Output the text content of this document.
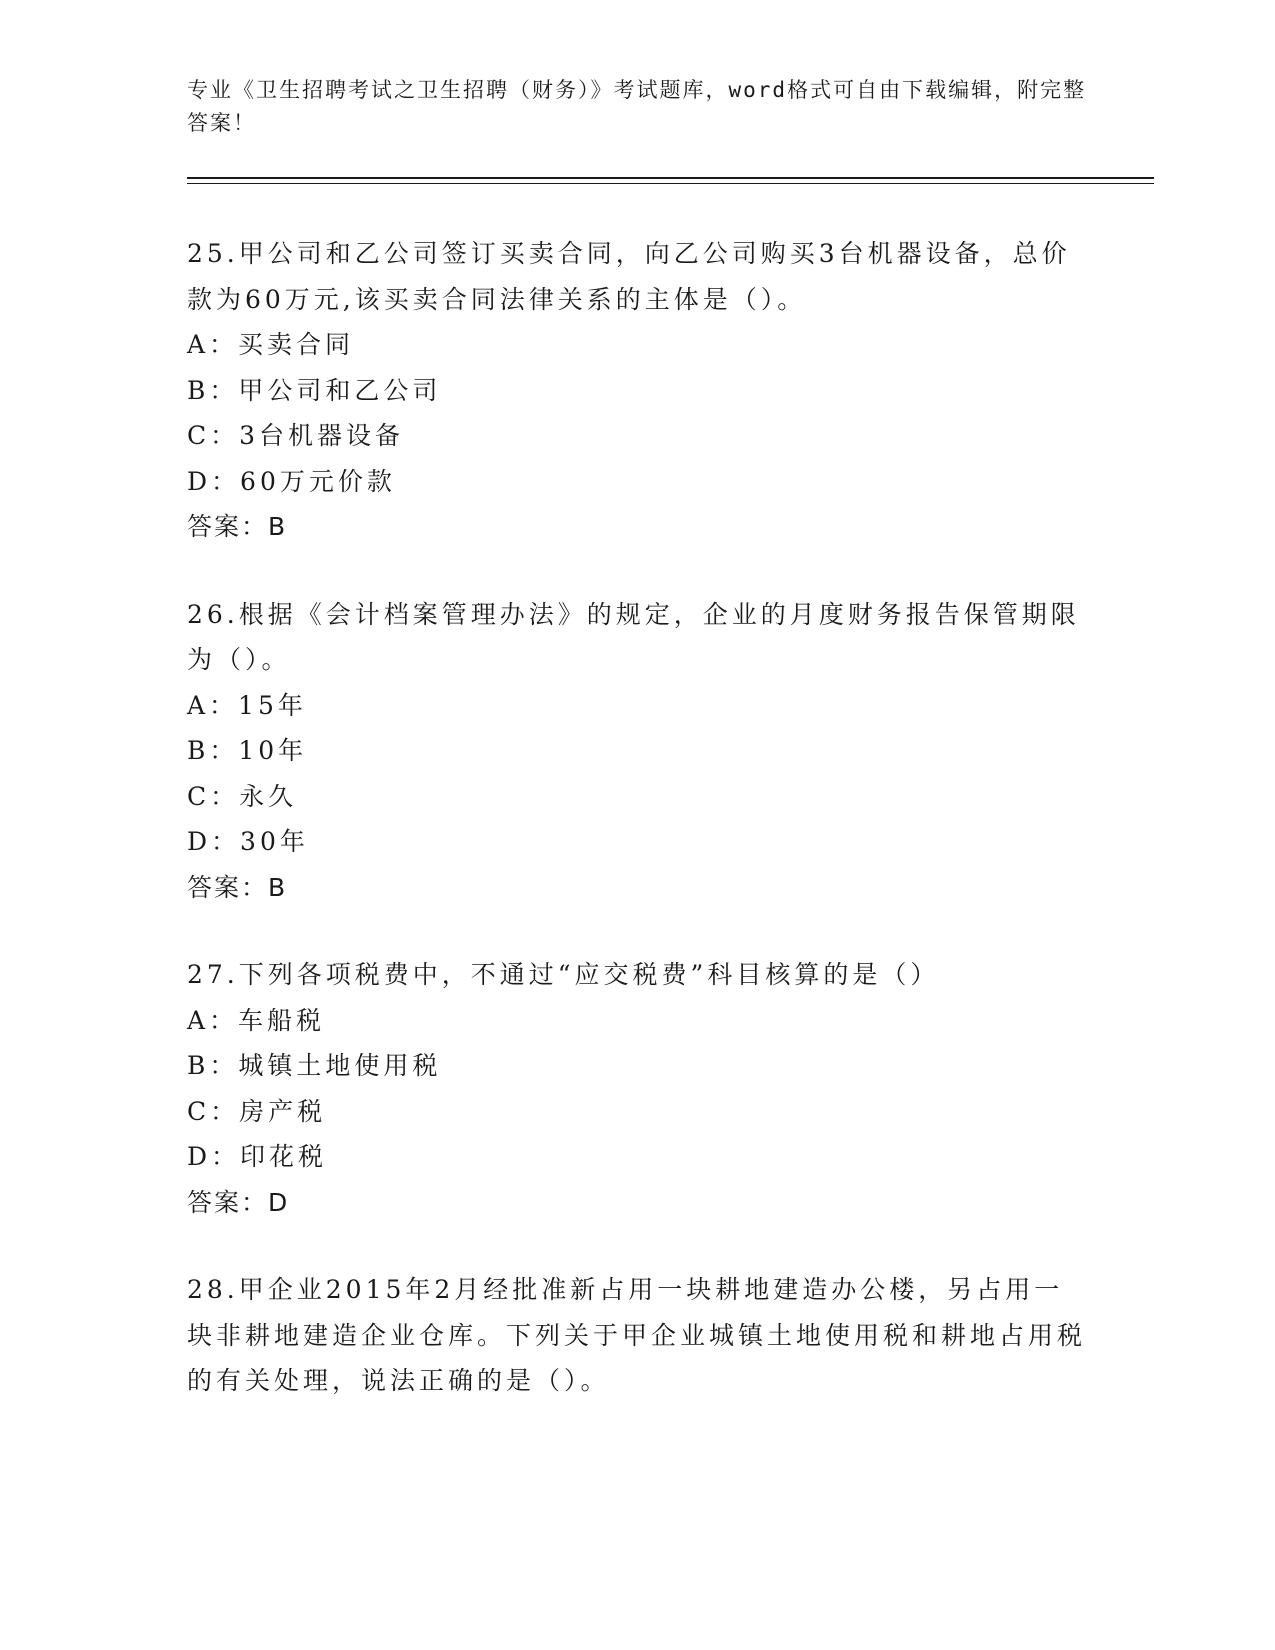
专业《卫生招聘考试之卫生招聘（财务）》考试题库，word格式可自由下载编辑，附完整答案！

25.甲公司和乙公司签订买卖合同，向乙公司购买3台机器设备，总价款为60万元,该买卖合同法律关系的主体是（）。

A：买卖合同

B：甲公司和乙公司

C：3台机器设备

D：60万元价款

答案：B

26.根据《会计档案管理办法》的规定，企业的月度财务报告保管期限为（）。

A：15年

B：10年

C：永久

D：30年

答案：B

27.下列各项税费中，不通过“应交税费”科目核算的是（）

A：车船税

B：城镇土地使用税

C：房产税

D：印花税

答案：D

28.甲企业2015年2月经批准新占用一块耕地建造办公楼，另占用一块非耕地建造企业仓库。下列关于甲企业城镇土地使用税和耕地占用税的有关处理，说法正确的是（）。
